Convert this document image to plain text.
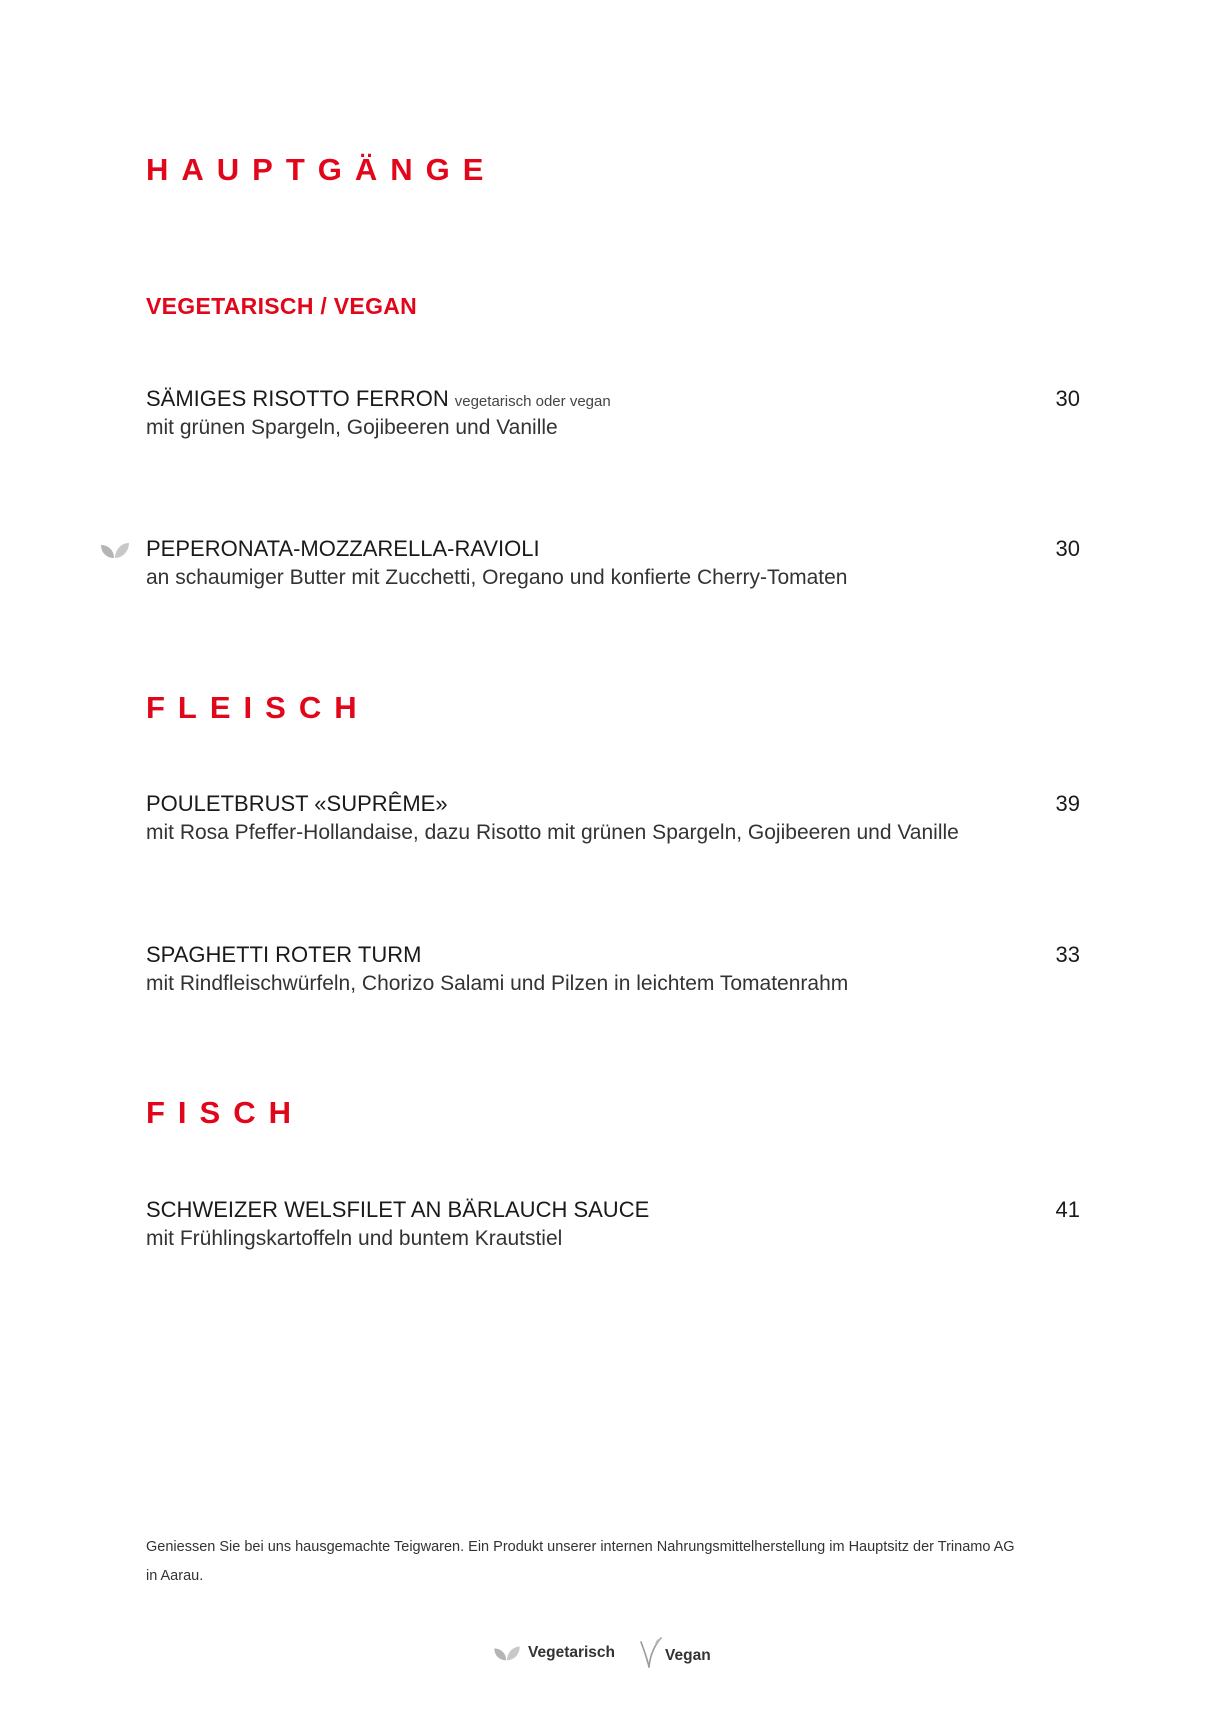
HAUPTGÄNGE
VEGETARISCH / VEGAN
SÄMIGES RISOTTO FERRON vegetarisch oder vegan	30
mit grünen Spargeln, Gojibeeren und Vanille
PEPERONATA-MOZZARELLA-RAVIOLI	30
an schaumiger Butter mit Zucchetti, Oregano und konfierte Cherry-Tomaten
FLEISCH
POULETBRUST «SUPRÊME»	39
mit Rosa Pfeffer-Hollandaise, dazu Risotto mit grünen Spargeln, Gojibeeren und Vanille
SPAGHETTI ROTER TURM	33
mit Rindfleischwürfeln, Chorizo Salami und Pilzen in leichtem Tomatenrahm
FISCH
SCHWEIZER WELSFILET AN BÄRLAUCH SAUCE	41
mit Frühlingskartoffeln und buntem Krautstiel
Geniessen Sie bei uns hausgemachte Teigwaren. Ein Produkt unserer internen Nahrungsmittelherstellung im Hauptsitz der Trinamo AG
in Aarau.
Vegetarisch	Vegan
